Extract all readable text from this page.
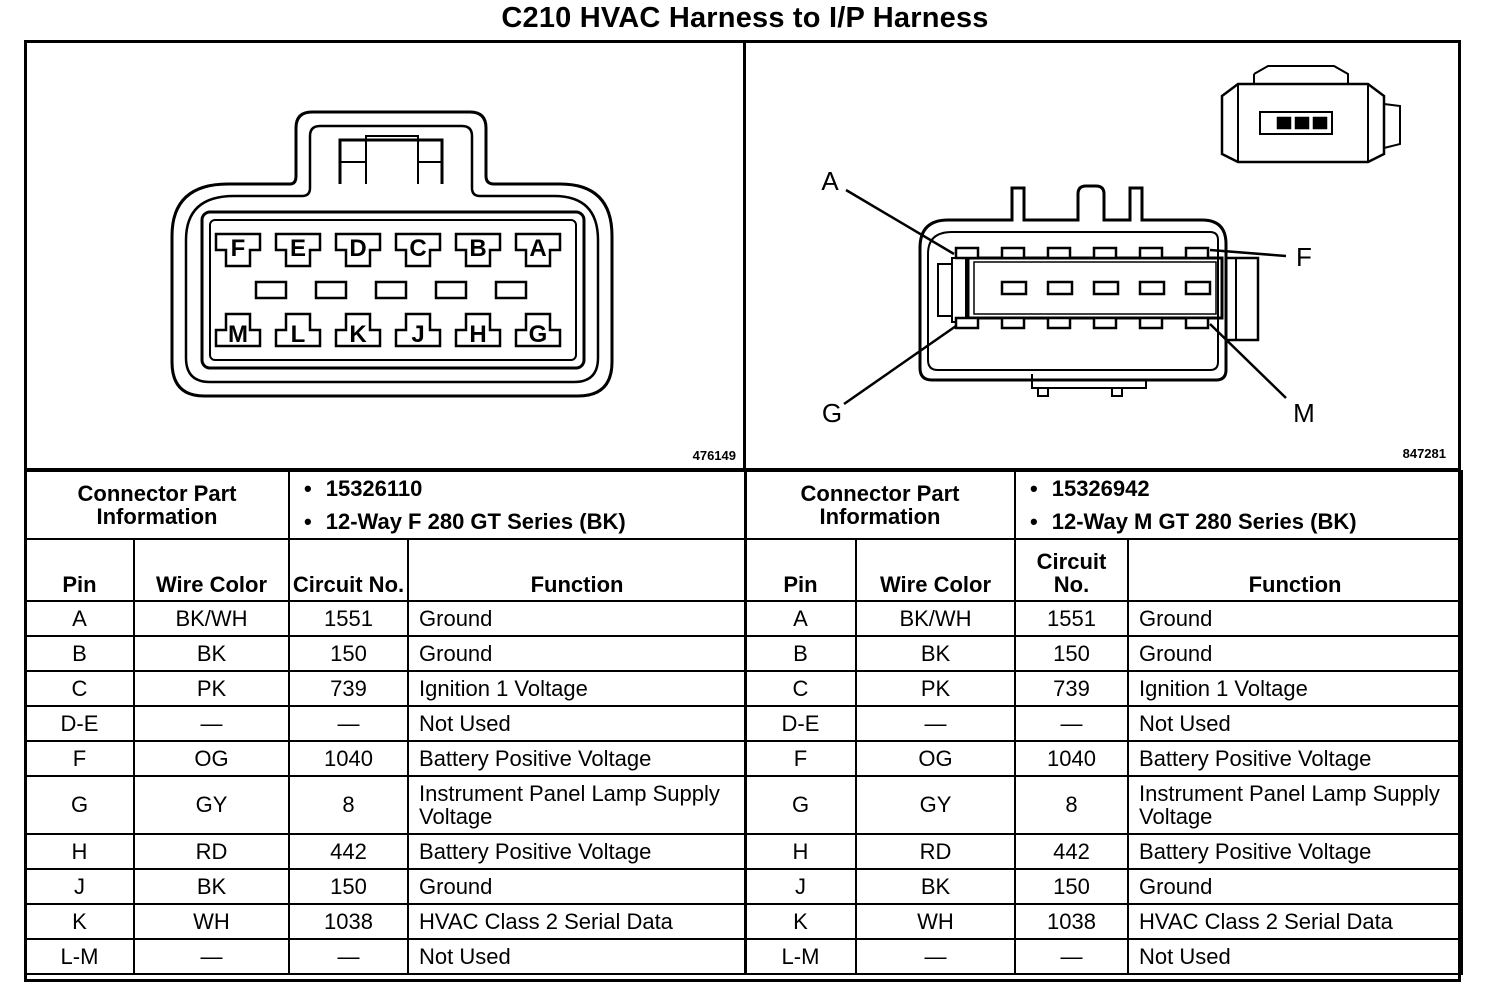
C210 HVAC Harness to I/P Harness
F E D C B A
M L K J H G
476149
A
F
G	M
847281
Connector Part Information		• 15326110
• 12-Way F 280 GT Series (BK)

Pin	Wire Color	Circuit No.	Function
A	BK/WH	1551	Ground
B	BK	150	Ground
C	PK	739	Ignition 1 Voltage
D-E	—	—	Not Used
F	OG	1040	Battery Positive Voltage
G	GY	8	Instrument Panel Lamp Supply Voltage
H	RD	442	Battery Positive Voltage
J	BK	150	Ground
K	WH	1038	HVAC Class 2 Serial Data
L-M	—	—	Not Used
Connector Part Information		• 15326942
• 12-Way M GT 280 Series (BK)

Pin	Wire Color	Circuit No.	Function
A	BK/WH	1551	Ground
B	BK	150	Ground
C	PK	739	Ignition 1 Voltage
D-E	—	—	Not Used
F	OG	1040	Battery Positive Voltage
G	GY	8	Instrument Panel Lamp Supply Voltage
H	RD	442	Battery Positive Voltage
J	BK	150	Ground
K	WH	1038	HVAC Class 2 Serial Data
L-M	—	—	Not Used
